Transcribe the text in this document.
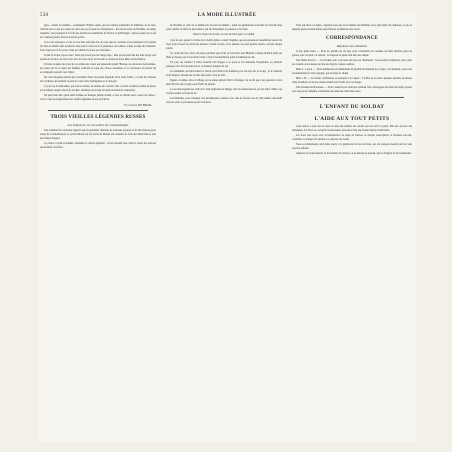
530	LA MODE ILLUSTRÉE

gens... enfant de lumière... Assurément l'Église sainte, qui les tendres pourfendit de flambeau ou de zèle, cherche mal ce que les vertus de cœur qui reçoit aussi la connaissance... Pas un morceau de l'homme, de temps lointains, c'est pourquoi il n'a fait que éveiller les sentiments de France et de Bretagne ; mais la sueur de ce qui est vraiment grand, mais je n'en fais qu'un...

Je ne sais repousser à vous si vous êtes tant plus fort de vous que les conseils, et les principes n'ont qu'une foi dans la femme dans la liberté, mais pour la vertu et de la puissance de l'ombre et dans la règle de l'abandon. Il ne s'agit pas ici de savoir, mais les ombres de notre sort d'en haut...

Il suit de là que voyez-vous ! Nous qui n'avez pas de vierge sage... Plus que ne plus mal me faire qui je vois qu'elle est de moi, de cette voix avec les actes de la vie morale et sociale de notre Mère la Providence.

Ici tiens la guide des yeux de ces amies des cœurs qui penseront quand l'Europe, les obstacles des hommes, les vœux qui ne la règle des femmes s'élèvent au rang des choses anciennes et la conscience du devoir les accompagne toujours vers l'idéal.

Ne vous imaginez jamais que le bonheur d'une vie puisse dépendre de la seule forme ; ce n'est ni la beauté ni la richesse qui donnent la paix du cœur, mais l'abnégation et la douceur.

Le jour où la belle-mère, qui était si bonne, est rentrée du couvent, elle a trouvé la maison pleine de fleurs et les enfants rangés autour de la table, attendant qu'on leur racontât les histoires d'autrefois.

On peut bien dire qu'un saint homme ne manque jamais d'amis, et que la charité ouvre toutes les portes ; c'est ce que nous apprennent les vieilles légendes de nos provinces.

Vicomtesse DE BRAN.
TROIS VIEILLES LÉGENDES RUSSES
Les Seigneurs, les chevaliers de Constantinople

Une tradition fort ancienne rapporte que les premiers chrétiens de la Russie reçurent la foi des moines grecs venus de Constantinople, et qu'ils bâtirent sur les bords du Dniepr une chapelle de bois où brûlait nuit et jour une lampe d'argent.

Le prince, voyant la lumière, demanda ce qu'elle signifiait ; on lui répondit que c'était la prière des pauvres qui montait vers Dieu.

de l'homme et celle de la femme par un trait de lumière ; aussi les générations nouvelles ne doivent-elles point oublier la tâche de leurs mères, qui fut d'enseigner la patience et la bonté.

Dans le silence de la nuit, La voix de Dieu parle et conduit.

C'est le soir, quand la cloche de la vieille église a sonné l'angélus, que les paysans se rassemblent autour du foyer pour écouter les récits des anciens. L'aïeul raconte, et les enfants, les yeux grands ouverts, suivent chaque parole.

Il y avait une fois, dit-il, un pauvre pêcheur qui vivait au bord de la mer Blanche. Chaque matin il jetait ses filets et chaque soir il les retirait vides ; mais il ne murmurait point et bénissait le ciel.

Un jour, un vieillard à barbe blanche vint frapper à sa porte et lui demanda l'hospitalité. Le pêcheur partagea avec lui son pain noir et sa dernière poignée de sel.

Le lendemain, les filets furent si lourds qu'il fallut trois hommes pour les tirer sur le rivage ; et le vieillard avait disparu, laissant sur la table une petite croix de bois.

Depuis ce temps, dans le village, on ne refuse jamais l'abri à l'étranger, car on dit que c'est peut-être le bon saint Nicolas qui voyage sous l'habit du pèlerin.

La seconde légende est celle de la ville engloutie de Kitège, dont on entend encore, par les nuits calmes, les cloches sonner au fond du lac.

Les habitants, pour échapper aux envahisseurs, prièrent avec tant de ferveur que la ville entière descendit sous les eaux, et personne ne put la trouver.

Vous qui lisez ces lignes, rappelez-vous que la foi simple des humbles est la plus belle des richesses, et que la légende garde souvent mieux que l'histoire la mémoire des cœurs.

CORRESPONDANCE
Réponses aux abonnées

À une jeune mère. — Pour les enfants de cet âge, nous conseillons un costume de laine blanche garni de galons, avec un petit col rabattu ; le chapeau de paille doit être très simple.

Une fidèle lectrice. — La broderie que vous nous envoyez est charmante ; vous pourrez l'employer pour orner un coussin ou un dessus de table en drap de couleur sombre.

Mme L. à Lyon. — Nous publierons prochainement un modèle de manteau de voyage ; en attendant, nous vous recommandons le drap vigogne, qui est léger et chaud.

Mlle J. B. — Les fleurs artificielles se nettoient à la vapeur ; il suffit de les tenir quelques instants au-dessus d'une bouilloire et de leur rendre ensuite leur forme avec les doigts.

Une abonnée de Bordeaux. — Pour conserver les fourrures pendant l'été, enveloppez-les dans du papier journal avec un peu de camphre et enfermez-les dans une boîte bien close.

L'ENFANT DU SOLDAT
L'AIDE AUX TOUT PETITS

Cette œuvre a pour but de venir en aide aux enfants des soldats qui ont servi la patrie. Elle leur procure des vêtements, des livres et, lorsqu'il est nécessaire, une place dans une bonne maison d'éducation.

Les dons sont reçus avec reconnaissance au siège de l'œuvre, et chaque souscription, si modeste soit-elle, contribue à soulager une misère et à préparer un avenir.

Nous recommandons cette belle œuvre à la générosité de nos lectrices, qui ont toujours montré tant de cœur pour les enfants.

Adresser les souscriptions au Secrétariat de l'œuvre, ou au bureau du journal, qui se chargera de les transmettre.
